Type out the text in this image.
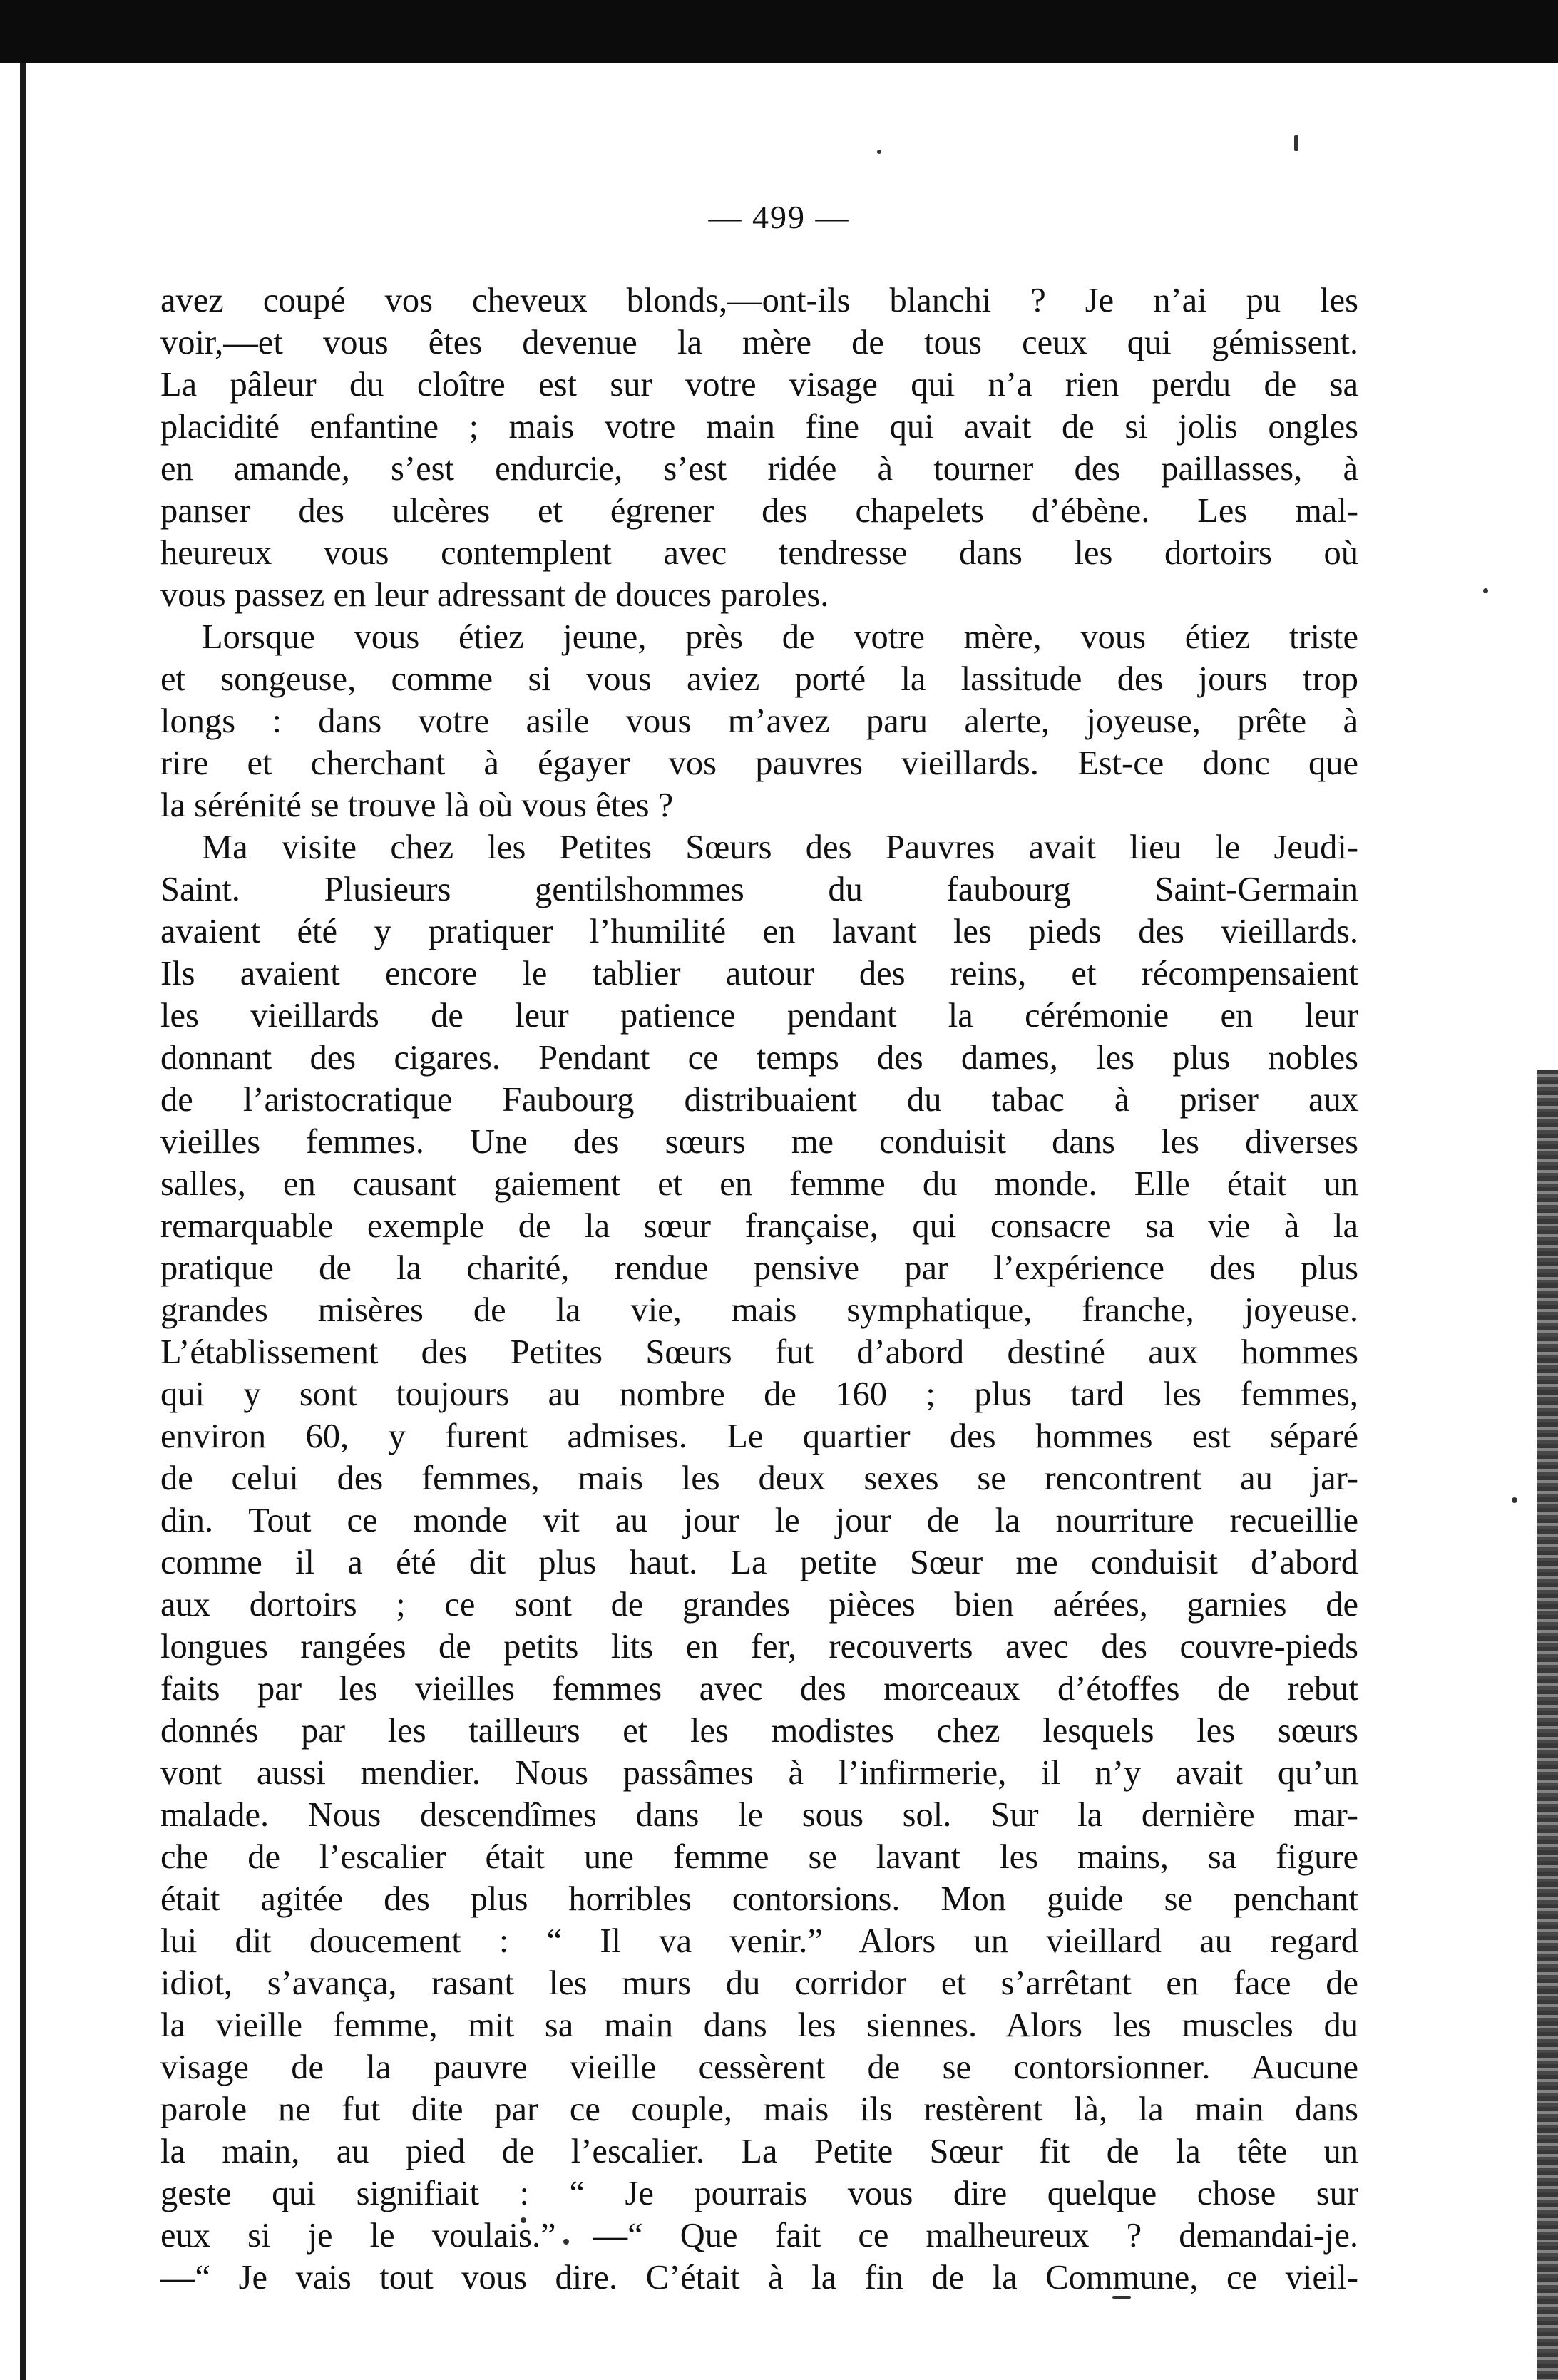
— 499 —
avez coupé vos cheveux blonds,—ont-ils blanchi ? Je n’ai pu les
voir,—et vous êtes devenue la mère de tous ceux qui gémissent.
La pâleur du cloître est sur votre visage qui n’a rien perdu de sa
placidité enfantine ; mais votre main fine qui avait de si jolis ongles
en amande, s’est endurcie, s’est ridée à tourner des paillasses, à
panser des ulcères et égrener des chapelets d’ébène. Les mal-
heureux vous contemplent avec tendresse dans les dortoirs où
vous passez en leur adressant de douces paroles.
Lorsque vous étiez jeune, près de votre mère, vous étiez triste
et songeuse, comme si vous aviez porté la lassitude des jours trop
longs : dans votre asile vous m’avez paru alerte, joyeuse, prête à
rire et cherchant à égayer vos pauvres vieillards. Est-ce donc que
la sérénité se trouve là où vous êtes ?
Ma visite chez les Petites Sœurs des Pauvres avait lieu le Jeudi-
Saint. Plusieurs gentilshommes du faubourg Saint-Germain
avaient été y pratiquer l’humilité en lavant les pieds des vieillards.
Ils avaient encore le tablier autour des reins, et récompensaient
les vieillards de leur patience pendant la cérémonie en leur
donnant des cigares. Pendant ce temps des dames, les plus nobles
de l’aristocratique Faubourg distribuaient du tabac à priser aux
vieilles femmes. Une des sœurs me conduisit dans les diverses
salles, en causant gaiement et en femme du monde. Elle était un
remarquable exemple de la sœur française, qui consacre sa vie à la
pratique de la charité, rendue pensive par l’expérience des plus
grandes misères de la vie, mais symphatique, franche, joyeuse.
L’établissement des Petites Sœurs fut d’abord destiné aux hommes
qui y sont toujours au nombre de 160 ; plus tard les femmes,
environ 60, y furent admises. Le quartier des hommes est séparé
de celui des femmes, mais les deux sexes se rencontrent au jar-
din. Tout ce monde vit au jour le jour de la nourriture recueillie
comme il a été dit plus haut. La petite Sœur me conduisit d’abord
aux dortoirs ; ce sont de grandes pièces bien aérées, garnies de
longues rangées de petits lits en fer, recouverts avec des couvre-pieds
faits par les vieilles femmes avec des morceaux d’étoffes de rebut
donnés par les tailleurs et les modistes chez lesquels les sœurs
vont aussi mendier. Nous passâmes à l’infirmerie, il n’y avait qu’un
malade. Nous descendîmes dans le sous sol. Sur la dernière mar-
che de l’escalier était une femme se lavant les mains, sa figure
était agitée des plus horribles contorsions. Mon guide se penchant
lui dit doucement : “ Il va venir.” Alors un vieillard au regard
idiot, s’avança, rasant les murs du corridor et s’arrêtant en face de
la vieille femme, mit sa main dans les siennes. Alors les muscles du
visage de la pauvre vieille cessèrent de se contorsionner. Aucune
parole ne fut dite par ce couple, mais ils restèrent là, la main dans
la main, au pied de l’escalier. La Petite Sœur fit de la tête un
geste qui signifiait : “ Je pourrais vous dire quelque chose sur
eux si je le voulais.” —“ Que fait ce malheureux ? demandai-je.
—“ Je vais tout vous dire. C’était à la fin de la Commune, ce vieil-
